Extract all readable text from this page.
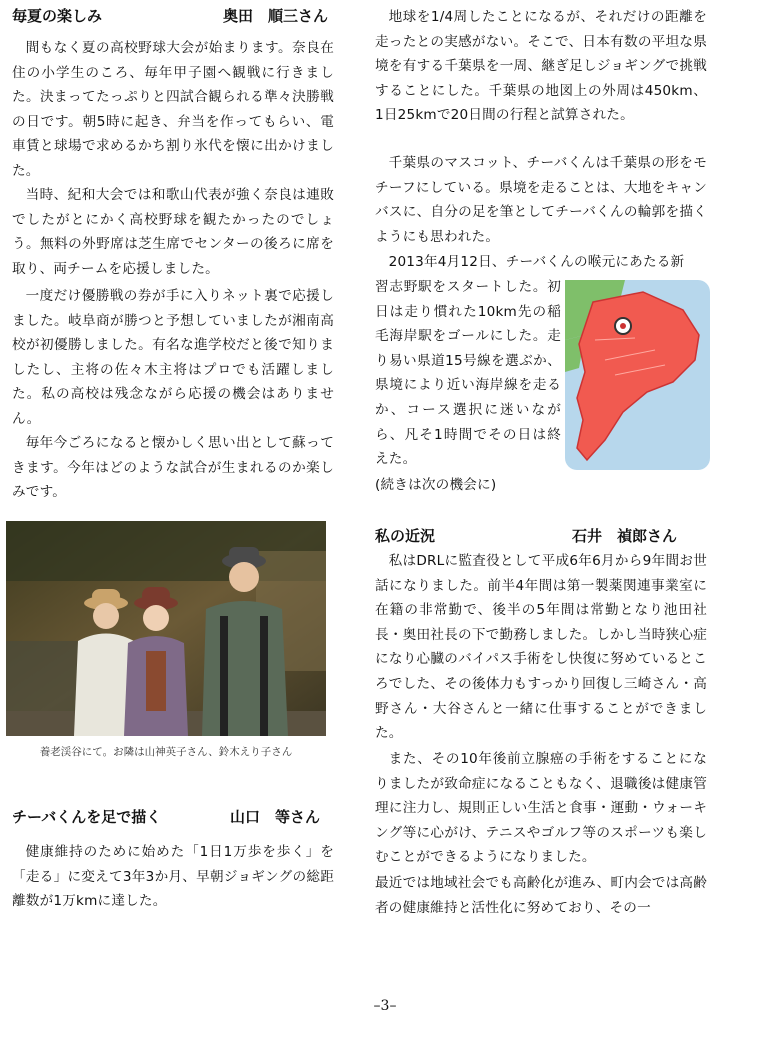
毎夏の楽しみ	奥田　順三さん

間もなく夏の高校野球大会が始まります。奈良在住の小学生のころ、毎年甲子園へ観戦に行きました。決まってたっぷりと四試合観られる準々決勝戦の日です。朝5時に起き、弁当を作ってもらい、電車賃と球場で求めるかち割り氷代を懐に出かけました。

当時、紀和大会では和歌山代表が強く奈良は連敗でしたがとにかく高校野球を観たかったのでしょう。無料の外野席は芝生席でセンターの後ろに席を取り、両チームを応援しました。

一度だけ優勝戦の券が手に入りネット裏で応援しました。岐阜商が勝つと予想していましたが湘南高校が初優勝しました。有名な進学校だと後で知りましたし、主将の佐々木主将はプロでも活躍しました。私の高校は残念ながら応援の機会はありません。

毎年今ごろになると懐かしく思い出として蘇ってきます。今年はどのような試合が生まれるのか楽しみです。

養老渓谷にて。お隣は山神英子さん、鈴木えり子さん
チーバくんを足で描く	山口　等さん

健康維持のために始めた「1日1万歩を歩く」を「走る」に変えて3年3か月、早朝ジョギングの総距離数が1万kmに達した。

地球を1/4周したことになるが、それだけの距離を走ったとの実感がない。そこで、日本有数の平坦な県境を有する千葉県を一周、継ぎ足しジョギングで挑戦することにした。千葉県の地図上の外周は450km、1日25kmで20日間の行程と試算された。

千葉県のマスコット、チーバくんは千葉県の形をモチーフにしている。県境を走ることは、大地をキャンバスに、自分の足を筆としてチーバくんの輪郭を描くようにも思われた。

2013年4月12日、チーバくんの喉元にあたる新

習志野駅をスタートした。初日は走り慣れた10km先の稲毛海岸駅をゴールにした。走り易い県道15号線を選ぶか、県境により近い海岸線を走るか、コース選択に迷いながら、凡そ1時間でその日は終えた。

(続きは次の機会に)

私の近況	石井　禎郎さん

私はDRLに監査役として平成6年6月から9年間お世話になりました。前半4年間は第一製薬関連事業室に在籍の非常勤で、後半の5年間は常勤となり池田社長・奥田社長の下で勤務しました。しかし当時狭心症になり心臓のバイパス手術をし快復に努めているところでした、その後体力もすっかり回復し三崎さん・高野さん・大谷さんと一緒に仕事することができました。

また、その10年後前立腺癌の手術をすることになりましたが致命症になることもなく、退職後は健康管理に注力し、規則正しい生活と食事・運動・ウォーキング等に心がけ、テニスやゴルフ等のスポーツも楽しむことができるようになりました。

最近では地域社会でも高齢化が進み、町内会では高齢者の健康維持と活性化に努めており、その一

–3–
